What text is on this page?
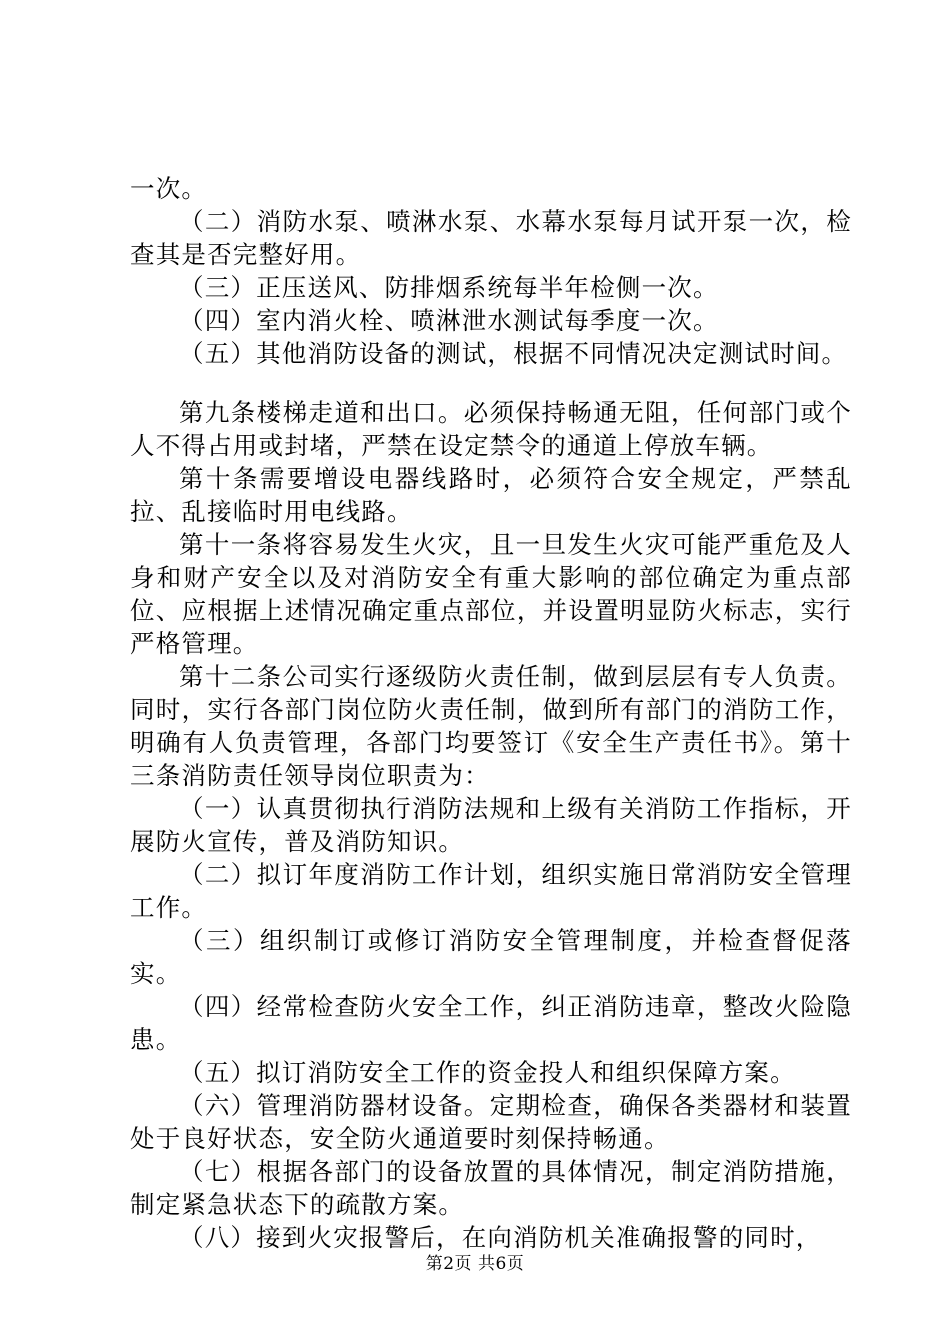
一次。

（二）消防水泵、喷淋水泵、水幕水泵每月试开泵一次，检查其是否完整好用。

（三）正压送风、防排烟系统每半年检侧一次。

（四）室内消火栓、喷淋泄水测试每季度一次。

（五）其他消防设备的测试，根据不同情况决定测试时间。

第九条楼梯走道和出口。必须保持畅通无阻，任何部门或个人不得占用或封堵，严禁在设定禁令的通道上停放车辆。

第十条需要增设电器线路时，必须符合安全规定，严禁乱拉、乱接临时用电线路。

第十一条将容易发生火灾，且一旦发生火灾可能严重危及人身和财产安全以及对消防安全有重大影响的部位确定为重点部位、应根据上述情况确定重点部位，并设置明显防火标志，实行严格管理。

第十二条公司实行逐级防火责任制，做到层层有专人负责。同时，实行各部门岗位防火责任制，做到所有部门的消防工作，明确有人负责管理，各部门均要签订《安全生产责任书》。第十三条消防责任领导岗位职责为：

（一）认真贯彻执行消防法规和上级有关消防工作指标，开展防火宣传，普及消防知识。

（二）拟订年度消防工作计划，组织实施日常消防安全管理工作。

（三）组织制订或修订消防安全管理制度，并检查督促落实。

（四）经常检查防火安全工作，纠正消防违章，整改火险隐患。

（五）拟订消防安全工作的资金投人和组织保障方案。

（六）管理消防器材设备。定期检查，确保各类器材和装置处于良好状态，安全防火通道要时刻保持畅通。

（七）根据各部门的设备放置的具体情况，制定消防措施，制定紧急状态下的疏散方案。

（八）接到火灾报警后，在向消防机关准确报警的同时，

第2页 共6页
